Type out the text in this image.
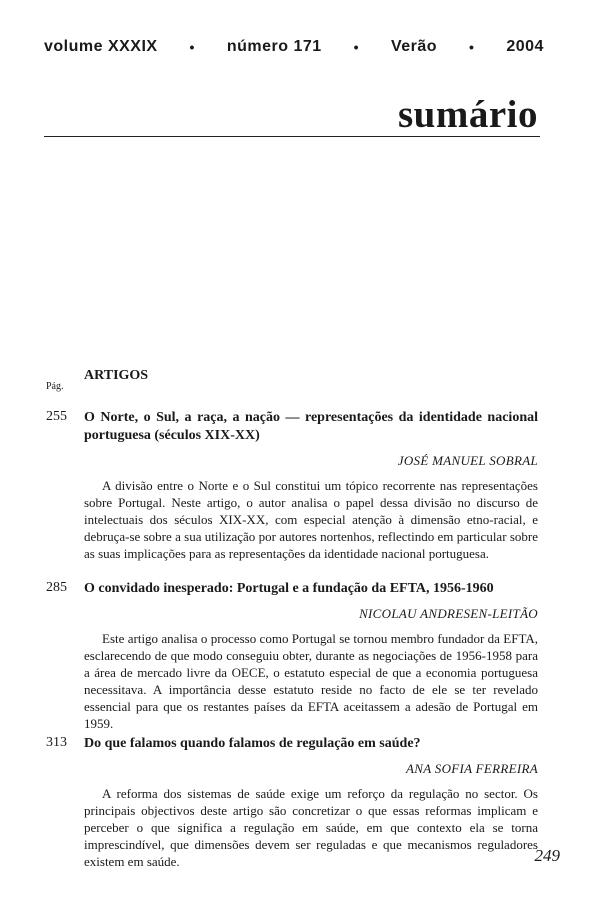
volume XXXIX • número 171 • Verão • 2004
sumário
Pág.
ARTIGOS
255 O Norte, o Sul, a raça, a nação — representações da identidade nacional portuguesa (séculos XIX-XX)
JOSÉ MANUEL SOBRAL
A divisão entre o Norte e o Sul constitui um tópico recorrente nas representações sobre Portugal. Neste artigo, o autor analisa o papel dessa divisão no discurso de intelectuais dos séculos XIX-XX, com especial atenção à dimensão etno-racial, e debruça-se sobre a sua utilização por autores nortenhos, reflectindo em particular sobre as suas implicações para as representações da identidade nacional portuguesa.
285 O convidado inesperado: Portugal e a fundação da EFTA, 1956-1960
NICOLAU ANDRESEN-LEITÃO
Este artigo analisa o processo como Portugal se tornou membro fundador da EFTA, esclarecendo de que modo conseguiu obter, durante as negociações de 1956-1958 para a área de mercado livre da OECE, o estatuto especial de que a economia portuguesa necessitava. A importância desse estatuto reside no facto de ele se ter revelado essencial para que os restantes países da EFTA aceitassem a adesão de Portugal em 1959.
313 Do que falamos quando falamos de regulação em saúde?
ANA SOFIA FERREIRA
A reforma dos sistemas de saúde exige um reforço da regulação no sector. Os principais objectivos deste artigo são concretizar o que essas reformas implicam e perceber o que significa a regulação em saúde, em que contexto ela se torna imprescindível, que dimensões devem ser reguladas e que mecanismos reguladores existem em saúde.	249
